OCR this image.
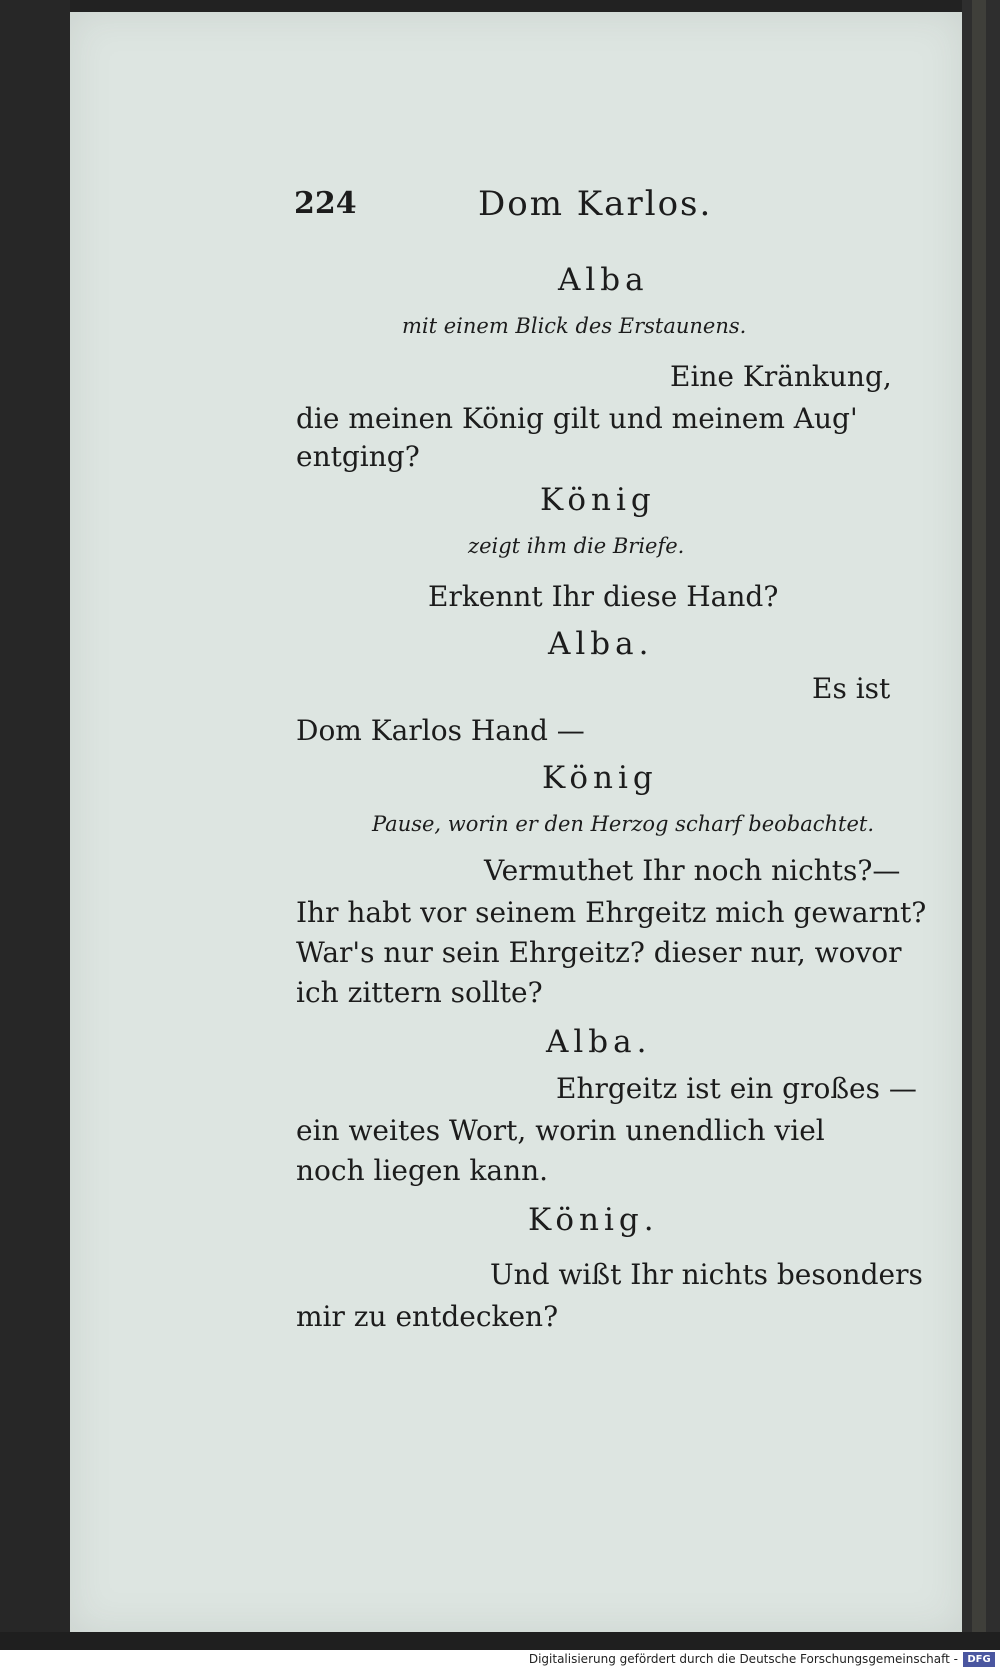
224	Dom Karlos.
Alba
mit einem Blick des Erstaunens.
Eine Kränkung,
die meinen König gilt und meinem Aug'
entging?
König
zeigt ihm die Briefe.
Erkennt Ihr diese Hand?
Alba.
Es ist
Dom Karlos Hand —
König
Pause, worin er den Herzog scharf beobachtet.
Vermuthet Ihr noch nichts?—
Ihr habt vor seinem Ehrgeitz mich gewarnt?
War's nur sein Ehrgeitz? dieser nur, wovor
ich zittern sollte?
Alba.
Ehrgeitz ist ein großes —
ein weites Wort, worin unendlich viel
noch liegen kann.
König.
Und wißt Ihr nichts besonders
mir zu entdecken?
Digitalisierung gefördert durch die Deutsche Forschungsgemeinschaft - DFG
